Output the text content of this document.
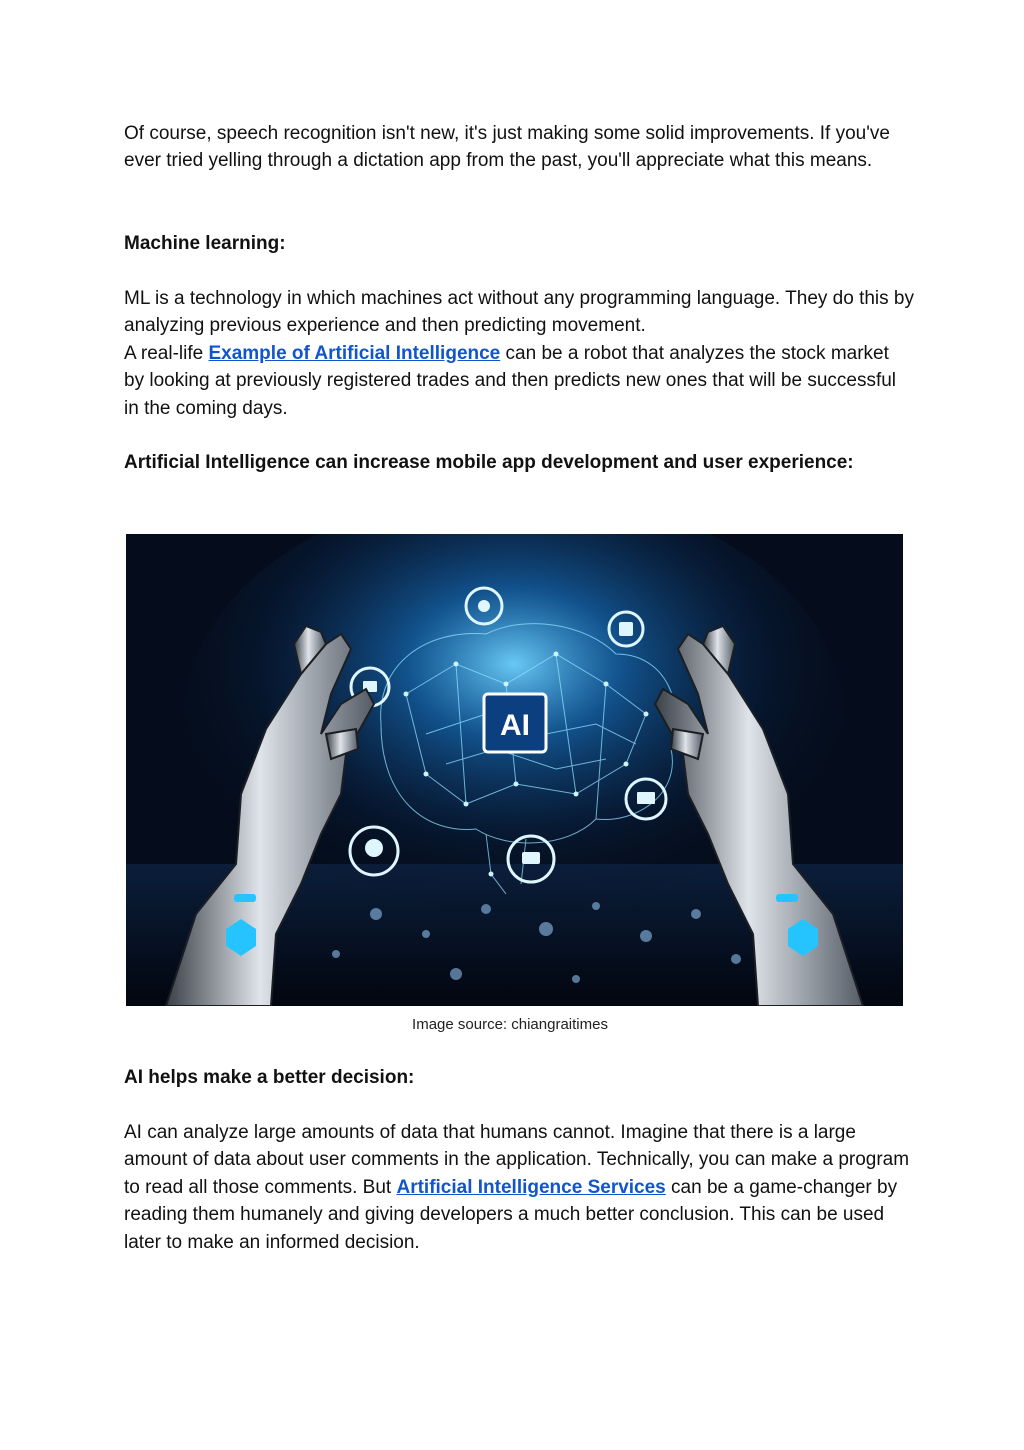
Of course, speech recognition isn't new, it's just making some solid improvements. If you've ever tried yelling through a dictation app from the past, you'll appreciate what this means.

Machine learning:

ML is a technology in which machines act without any programming language. They do this by analyzing previous experience and then predicting movement.

A real-life Example of Artificial Intelligence can be a robot that analyzes the stock market by looking at previously registered trades and then predicts new ones that will be successful in the coming days.

Artificial Intelligence can increase mobile app development and user experience:

AI
Image source: chiangraitimes

AI helps make a better decision:

AI can analyze large amounts of data that humans cannot. Imagine that there is a large amount of data about user comments in the application. Technically, you can make a program to read all those comments. But Artificial Intelligence Services can be a game-changer by reading them humanely and giving developers a much better conclusion. This can be used later to make an informed decision.
